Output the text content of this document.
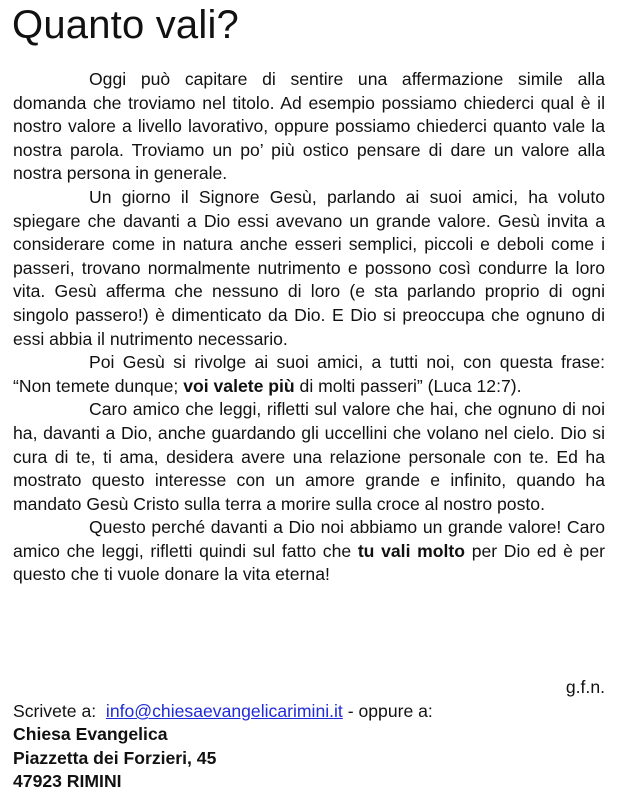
Quanto vali?

Oggi può capitare di sentire una affermazione simile alla domanda che troviamo nel titolo. Ad esempio possiamo chiederci qual è il nostro valore a livello lavorativo, oppure possiamo chiederci quanto vale la nostra parola. Troviamo un po’ più ostico pensare di dare un valore alla nostra persona in generale.

Un giorno il Signore Gesù, parlando ai suoi amici, ha voluto spiegare che davanti a Dio essi avevano un grande valore. Gesù invita a considerare come in natura anche esseri semplici, piccoli e deboli come i passeri, trovano normalmente nutrimento e possono così condurre la loro vita. Gesù afferma che nessuno di loro (e sta parlando proprio di ogni singolo passero!) è dimenticato da Dio. E Dio si preoccupa che ognuno di essi abbia il nutrimento necessario.

Poi Gesù si rivolge ai suoi amici, a tutti noi, con questa frase: “Non temete dunque; voi valete più di molti passeri” (Luca 12:7).

Caro amico che leggi, rifletti sul valore che hai, che ognuno di noi ha, davanti a Dio, anche guardando gli uccellini che volano nel cielo. Dio si cura di te, ti ama, desidera avere una relazione personale con te. Ed ha mostrato questo interesse con un amore grande e infinito, quando ha mandato Gesù Cristo sulla terra a morire sulla croce al nostro posto.

Questo perché davanti a Dio noi abbiamo un grande valore! Caro amico che leggi, rifletti quindi sul fatto che tu vali molto per Dio ed è per questo che ti vuole donare la vita eterna!

g.f.n.
Scrivete a: info@chiesaevangelicarimini.it - oppure a:
Chiesa Evangelica
Piazzetta dei Forzieri, 45
47923 RIMINI
